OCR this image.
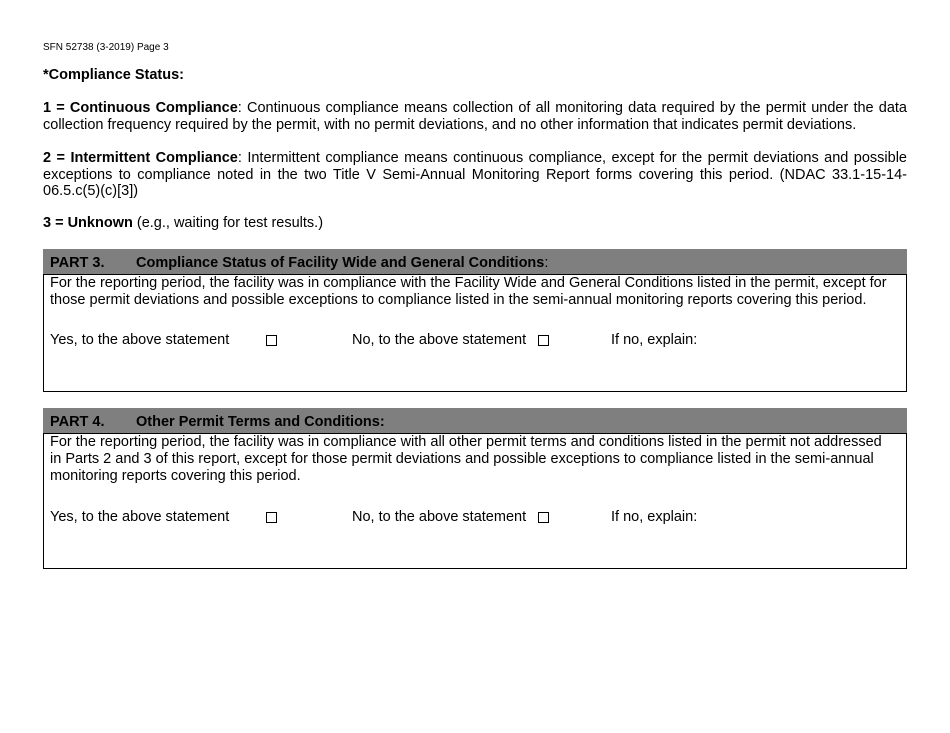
SFN 52738 (3-2019) Page 3
*Compliance Status:
1 = Continuous Compliance: Continuous compliance means collection of all monitoring data required by the permit under the data collection frequency required by the permit, with no permit deviations, and no other information that indicates permit deviations.
2 = Intermittent Compliance: Intermittent compliance means continuous compliance, except for the permit deviations and possible exceptions to compliance noted in the two Title V Semi-Annual Monitoring Report forms covering this period. (NDAC 33.1-15-14-06.5.c(5)(c)[3])
3 = Unknown (e.g., waiting for test results.)
PART 3. Compliance Status of Facility Wide and General Conditions:
For the reporting period, the facility was in compliance with the Facility Wide and General Conditions listed in the permit, except for those permit deviations and possible exceptions to compliance listed in the semi-annual monitoring reports covering this period.
Yes, to the above statement	No, to the above statement	If no, explain:
PART 4. Other Permit Terms and Conditions:
For the reporting period, the facility was in compliance with all other permit terms and conditions listed in the permit not addressed in Parts 2 and 3 of this report, except for those permit deviations and possible exceptions to compliance listed in the semi-annual monitoring reports covering this period.
Yes, to the above statement	No, to the above statement	If no, explain:
